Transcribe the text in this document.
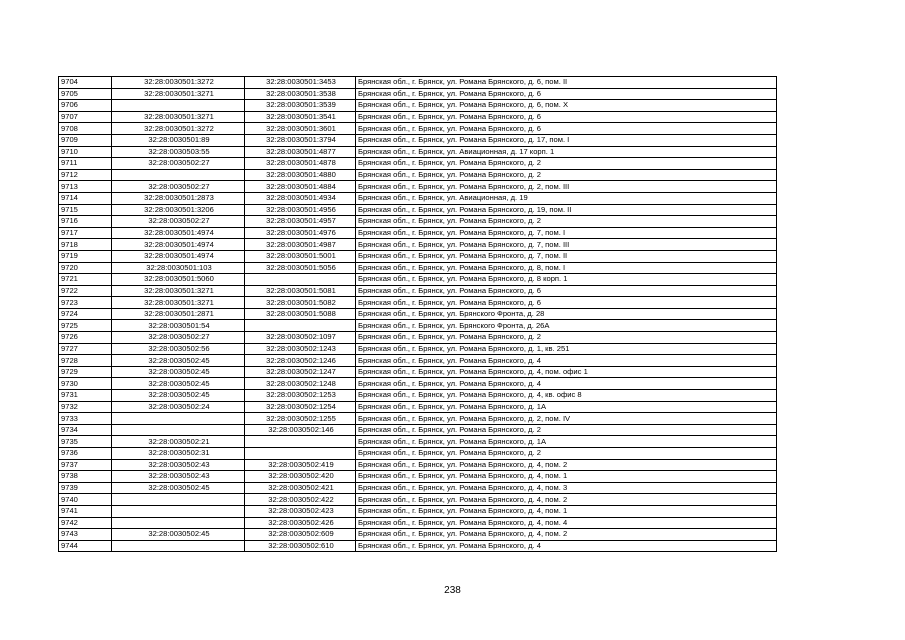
9704	32:28:0030501:3272	32:28:0030501:3453	Брянская обл., г. Брянск, ул. Романа Брянского, д. 6, пом. II
9705	32:28:0030501:3271	32:28:0030501:3538	Брянская обл., г. Брянск, ул. Романа Брянского, д. 6
9706		32:28:0030501:3539	Брянская обл., г. Брянск, ул. Романа Брянского, д. 6, пом. X
9707	32:28:0030501:3271	32:28:0030501:3541	Брянская обл., г. Брянск, ул. Романа Брянского, д. 6
9708	32:28:0030501:3272	32:28:0030501:3601	Брянская обл., г. Брянск, ул. Романа Брянского, д. 6
9709	32:28:0030501:89	32:28:0030501:3794	Брянская обл., г. Брянск, ул. Романа Брянского, д. 17, пом. I
9710	32:28:0030503:55	32:28:0030501:4877	Брянская обл., г. Брянск, ул. Авиационная, д. 17 корп. 1
9711	32:28:0030502:27	32:28:0030501:4878	Брянская обл., г. Брянск, ул. Романа Брянского, д. 2
9712		32:28:0030501:4880	Брянская обл., г. Брянск, ул. Романа Брянского, д. 2
9713	32:28:0030502:27	32:28:0030501:4884	Брянская обл., г. Брянск, ул. Романа Брянского, д. 2, пом. III
9714	32:28:0030501:2873	32:28:0030501:4934	Брянская обл., г. Брянск, ул. Авиационная, д. 19
9715	32:28:0030501:3206	32:28:0030501:4956	Брянская обл., г. Брянск, ул. Романа Брянского, д. 19, пом. II
9716	32:28:0030502:27	32:28:0030501:4957	Брянская обл., г. Брянск, ул. Романа Брянского, д. 2
9717	32:28:0030501:4974	32:28:0030501:4976	Брянская обл., г. Брянск, ул. Романа Брянского, д. 7, пом. I
9718	32:28:0030501:4974	32:28:0030501:4987	Брянская обл., г. Брянск, ул. Романа Брянского, д. 7, пом. III
9719	32:28:0030501:4974	32:28:0030501:5001	Брянская обл., г. Брянск, ул. Романа Брянского, д. 7, пом. II
9720	32:28:0030501:103	32:28:0030501:5056	Брянская обл., г. Брянск, ул. Романа Брянского, д. 8, пом. I
9721	32:28:0030501:5060		Брянская обл., г. Брянск, ул. Романа Брянского, д. 8 корп. 1
9722	32:28:0030501:3271	32:28:0030501:5081	Брянская обл., г. Брянск, ул. Романа Брянского, д. 6
9723	32:28:0030501:3271	32:28:0030501:5082	Брянская обл., г. Брянск, ул. Романа Брянского, д. 6
9724	32:28:0030501:2871	32:28:0030501:5088	Брянская обл., г. Брянск, ул. Брянского Фронта, д. 28
9725	32:28:0030501:54		Брянская обл., г. Брянск, ул. Брянского Фронта, д. 26А
9726	32:28:0030502:27	32:28:0030502:1097	Брянская обл., г. Брянск, ул. Романа Брянского, д. 2
9727	32:28:0030502:56	32:28:0030502:1243	Брянская обл., г. Брянск, ул. Романа Брянского, д. 1, кв. 251
9728	32:28:0030502:45	32:28:0030502:1246	Брянская обл., г. Брянск, ул. Романа Брянского, д. 4
9729	32:28:0030502:45	32:28:0030502:1247	Брянская обл., г. Брянск, ул. Романа Брянского, д. 4, пом. офис 1
9730	32:28:0030502:45	32:28:0030502:1248	Брянская обл., г. Брянск, ул. Романа Брянского, д. 4
9731	32:28:0030502:45	32:28:0030502:1253	Брянская обл., г. Брянск, ул. Романа Брянского, д. 4, кв. офис 8
9732	32:28:0030502:24	32:28:0030502:1254	Брянская обл., г. Брянск, ул. Романа Брянского, д. 1А
9733		32:28:0030502:1255	Брянская обл., г. Брянск, ул. Романа Брянского, д. 2, пом. IV
9734		32:28:0030502:146	Брянская обл., г. Брянск, ул. Романа Брянского, д. 2
9735	32:28:0030502:21		Брянская обл., г. Брянск, ул. Романа Брянского, д. 1А
9736	32:28:0030502:31		Брянская обл., г. Брянск, ул. Романа Брянского, д. 2
9737	32:28:0030502:43	32:28:0030502:419	Брянская обл., г. Брянск, ул. Романа Брянского, д. 4, пом. 2
9738	32:28:0030502:43	32:28:0030502:420	Брянская обл., г. Брянск, ул. Романа Брянского, д. 4, пом. 1
9739	32:28:0030502:45	32:28:0030502:421	Брянская обл., г. Брянск, ул. Романа Брянского, д. 4, пом. 3
9740		32:28:0030502:422	Брянская обл., г. Брянск, ул. Романа Брянского, д. 4, пом. 2
9741		32:28:0030502:423	Брянская обл., г. Брянск, ул. Романа Брянского, д. 4, пом. 1
9742		32:28:0030502:426	Брянская обл., г. Брянск, ул. Романа Брянского, д. 4, пом. 4
9743	32:28:0030502:45	32:28:0030502:609	Брянская обл., г. Брянск, ул. Романа Брянского, д. 4, пом. 2
9744		32:28:0030502:610	Брянская обл., г. Брянск, ул. Романа Брянского, д. 4
238
